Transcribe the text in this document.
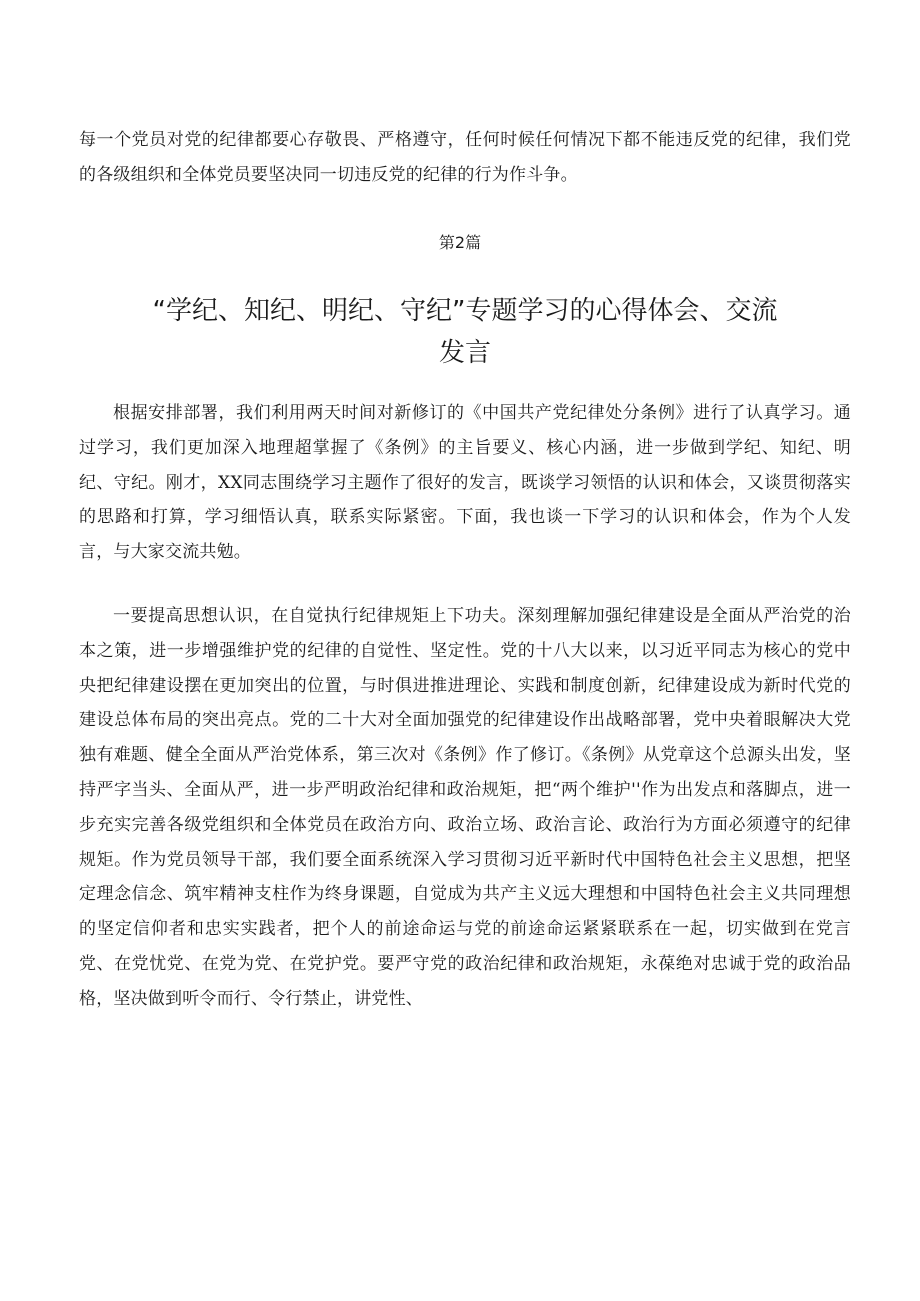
每一个党员对党的纪律都要心存敬畏、严格遵守，任何时候任何情况下都不能违反党的纪律，我们党的各级组织和全体党员要坚决同一切违反党的纪律的行为作斗争。

第2篇
“学纪、知纪、明纪、守纪”专题学习的心得体会、交流发言

根据安排部署，我们利用两天时间对新修订的《中国共产党纪律处分条例》进行了认真学习。通过学习，我们更加深入地理超掌握了《条例》的主旨要义、核心内涵，进一步做到学纪、知纪、明纪、守纪。刚才，XX同志围绕学习主题作了很好的发言，既谈学习领悟的认识和体会，又谈贯彻落实的思路和打算，学习细悟认真，联系实际紧密。下面，我也谈一下学习的认识和体会，作为个人发言，与大家交流共勉。

一要提高思想认识，在自觉执行纪律规矩上下功夫。深刻理解加强纪律建设是全面从严治党的治本之策，进一步增强维护党的纪律的自觉性、坚定性。党的十八大以来，以习近平同志为核心的党中央把纪律建设摆在更加突出的位置，与时俱进推进理论、实践和制度创新，纪律建设成为新时代党的建设总体布局的突出亮点。党的二十大对全面加强党的纪律建设作出战略部署，党中央着眼解决大党独有难题、健全全面从严治党体系，第三次对《条例》作了修订。《条例》从党章这个总源头出发，坚持严字当头、全面从严，进一步严明政治纪律和政治规矩，把“两个维护''作为出发点和落脚点，进一步充实完善各级党组织和全体党员在政治方向、政治立场、政治言论、政治行为方面必须遵守的纪律规矩。作为党员领导干部，我们要全面系统深入学习贯彻习近平新时代中国特色社会主义思想，把坚定理念信念、筑牢精神支柱作为终身课题，自觉成为共产主义远大理想和中国特色社会主义共同理想的坚定信仰者和忠实实践者，把个人的前途命运与党的前途命运紧紧联系在一起，切实做到在党言党、在党忧党、在党为党、在党护党。要严守党的政治纪律和政治规矩，永葆绝对忠诚于党的政治品格，坚决做到听令而行、令行禁止，讲党性、
